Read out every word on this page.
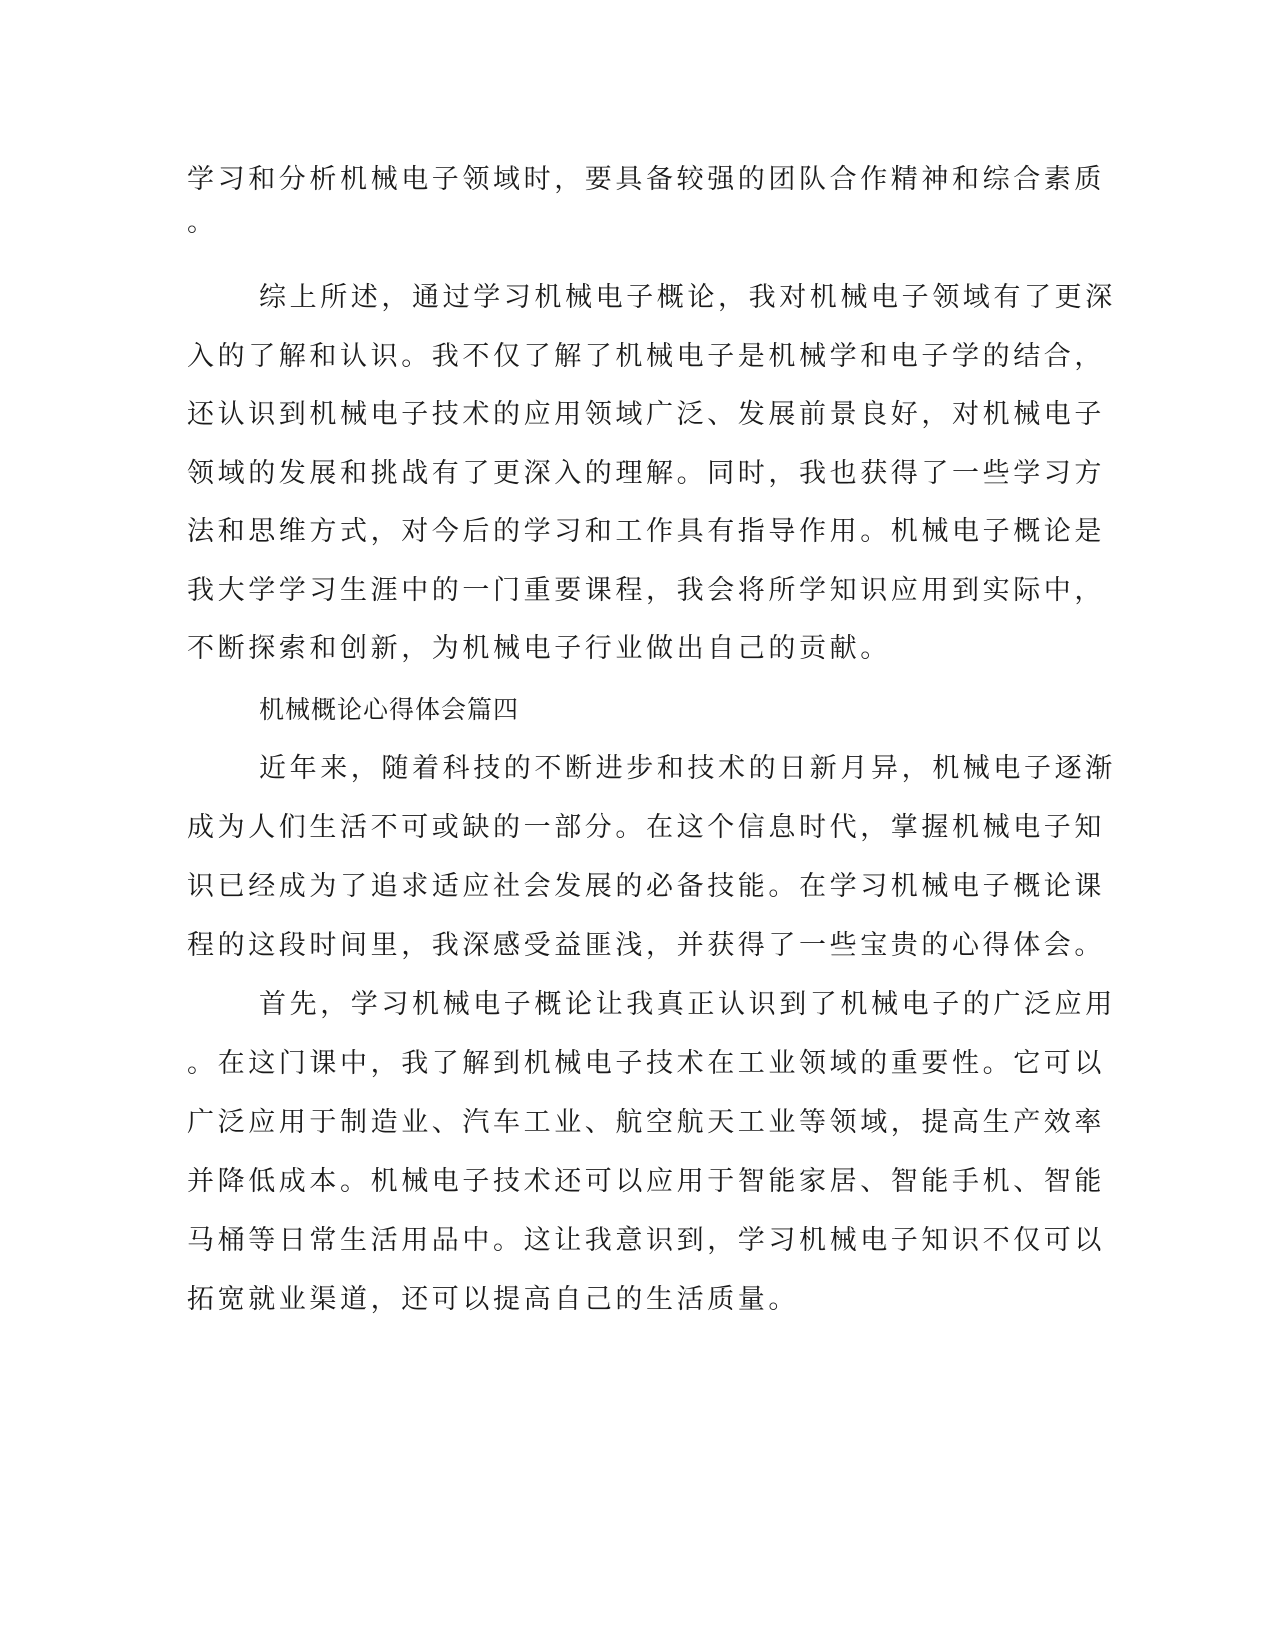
学习和分析机械电子领域时，要具备较强的团队合作精神和综合素质
。
综上所述，通过学习机械电子概论，我对机械电子领域有了更深
入的了解和认识。我不仅了解了机械电子是机械学和电子学的结合，
还认识到机械电子技术的应用领域广泛、发展前景良好，对机械电子
领域的发展和挑战有了更深入的理解。同时，我也获得了一些学习方
法和思维方式，对今后的学习和工作具有指导作用。机械电子概论是
我大学学习生涯中的一门重要课程，我会将所学知识应用到实际中，
不断探索和创新，为机械电子行业做出自己的贡献。
机械概论心得体会篇四
近年来，随着科技的不断进步和技术的日新月异，机械电子逐渐
成为人们生活不可或缺的一部分。在这个信息时代，掌握机械电子知
识已经成为了追求适应社会发展的必备技能。在学习机械电子概论课
程的这段时间里，我深感受益匪浅，并获得了一些宝贵的心得体会。
首先，学习机械电子概论让我真正认识到了机械电子的广泛应用
。在这门课中，我了解到机械电子技术在工业领域的重要性。它可以
广泛应用于制造业、汽车工业、航空航天工业等领域，提高生产效率
并降低成本。机械电子技术还可以应用于智能家居、智能手机、智能
马桶等日常生活用品中。这让我意识到，学习机械电子知识不仅可以
拓宽就业渠道，还可以提高自己的生活质量。
